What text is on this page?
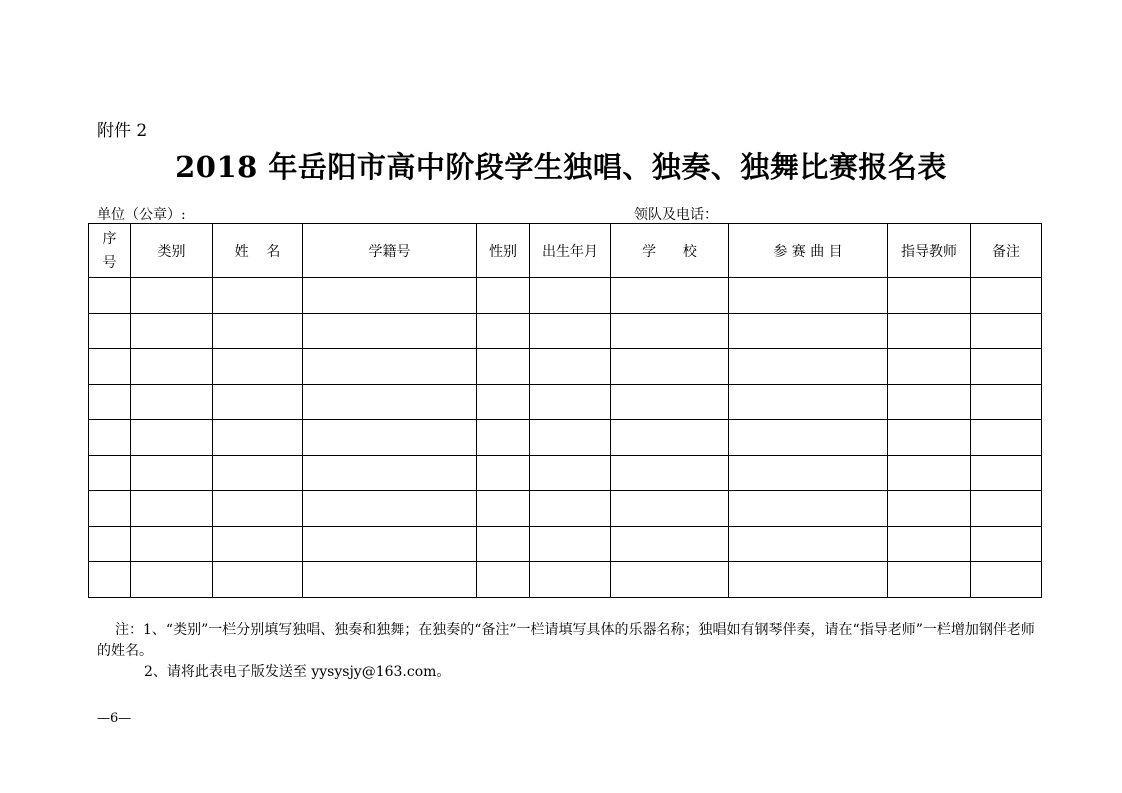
附件 2
2018 年岳阳市高中阶段学生独唱、独奏、独舞比赛报名表
单位（公章）:	领队及电话：
序
号	类别	姓    名	学籍号	性别	出生年月	学      校	参 赛 曲 目	指导教师	备注

注：1、“类别”一栏分别填写独唱、独奏和独舞；在独奏的“备注”一栏请填写具体的乐器名称；独唱如有钢琴伴奏，请在“指导老师”一栏增加钢伴老师的姓名。

2、请将此表电子版发送至 yysysjy@163.com。

—6—
